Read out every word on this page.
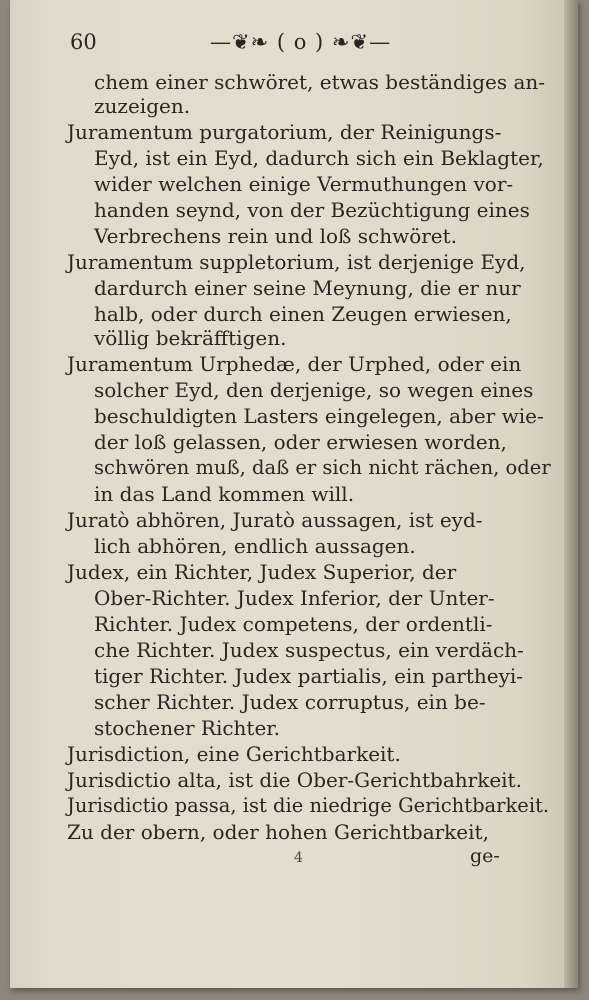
60	—❦❧ ( o ) ❧❦—
chem einer schwöret, etwas beständiges an-
zuzeigen.
Juramentum purgatorium, der Reinigungs-
Eyd, ist ein Eyd, dadurch sich ein Beklagter,
wider welchen einige Vermuthungen vor-
handen seynd, von der Bezüchtigung eines
Verbrechens rein und loß schwöret.
Juramentum suppletorium, ist derjenige Eyd,
dardurch einer seine Meynung, die er nur
halb, oder durch einen Zeugen erwiesen,
völlig bekräfftigen.
Juramentum Urphedæ, der Urphed, oder ein
solcher Eyd, den derjenige, so wegen eines
beschuldigten Lasters eingelegen, aber wie-
der loß gelassen, oder erwiesen worden,
schwören muß, daß er sich nicht rächen, oder
in das Land kommen will.
Juratò abhören, Juratò aussagen, ist eyd-
lich abhören, endlich aussagen.
Judex, ein Richter, Judex Superior, der
Ober-Richter. Judex Inferior, der Unter-
Richter. Judex competens, der ordentli-
che Richter. Judex suspectus, ein verdäch-
tiger Richter. Judex partialis, ein partheyi-
scher Richter. Judex corruptus, ein be-
stochener Richter.
Jurisdiction, eine Gerichtbarkeit.
Jurisdictio alta, ist die Ober-Gerichtbahrkeit.
Jurisdictio passa, ist die niedrige Gerichtbarkeit.
Zu der obern, oder hohen Gerichtbarkeit,
4	ge-
